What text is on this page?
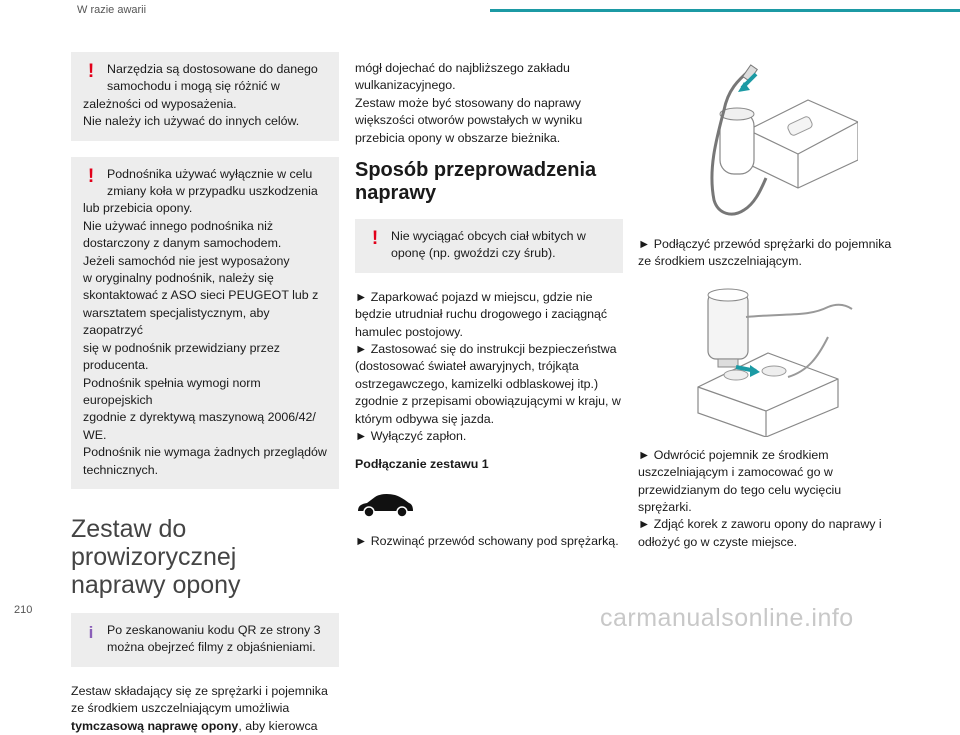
W razie awarii
!	Narzędzia są dostosowane do danego

samochodu i mogą się różnić w

zależności od wyposażenia.

Nie należy ich używać do innych celów.

!	Podnośnika używać wyłącznie w celu

zmiany koła w przypadku uszkodzenia

lub przebicia opony.

Nie używać innego podnośnika niż

dostarczony z danym samochodem.

Jeżeli samochód nie jest wyposażony

w oryginalny podnośnik, należy się

skontaktować z ASO sieci PEUGEOT lub z

warsztatem specjalistycznym, aby zaopatrzyć

się w podnośnik przewidziany przez

producenta.

Podnośnik spełnia wymogi norm europejskich

zgodnie z dyrektywą maszynową 2006/42/

WE.

Podnośnik nie wymaga żadnych przeglądów

technicznych.

Zestaw do prowizorycznej
naprawy opony
i	Po zeskanowaniu kodu QR ze strony 3

można obejrzeć filmy z objaśnieniami.

Zestaw składający się ze sprężarki i pojemnika

ze środkiem uszczelniającym umożliwia

tymczasową naprawę opony, aby kierowca

mógł dojechać do najbliższego zakładu

wulkanizacyjnego.

Zestaw może być stosowany do naprawy

większości otworów powstałych w wyniku

przebicia opony w obszarze bieżnika.

Sposób przeprowadzenia
naprawy
!	Nie wyciągać obcych ciał wbitych w

oponę (np. gwoździ czy śrub).

► Zaparkować pojazd w miejscu, gdzie nie

będzie utrudniał ruchu drogowego i zaciągnąć

hamulec postojowy.

► Zastosować się do instrukcji bezpieczeństwa

(dostosować świateł awaryjnych, trójkąta

ostrzegawczego, kamizelki odblaskowej itp.)

zgodnie z przepisami obowiązującymi w kraju, w

którym odbywa się jazda.

► Wyłączyć zapłon.

Podłączanie zestawu 1

► Rozwinąć przewód schowany pod sprężarką.

► Podłączyć przewód sprężarki do pojemnika

ze środkiem uszczelniającym.

► Odwrócić pojemnik ze środkiem

uszczelniającym i zamocować go w

przewidzianym do tego celu wycięciu sprężarki.

► Zdjąć korek z zaworu opony do naprawy i

odłożyć go w czyste miejsce.

210	carmanualsonline.info
